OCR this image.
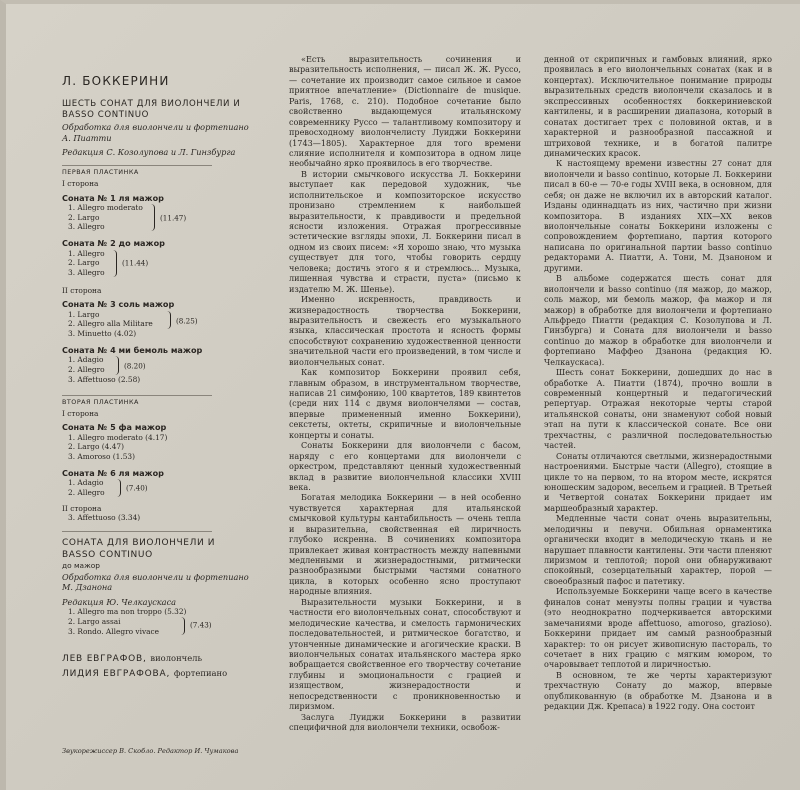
Л. БОККЕРИНИ
ШЕСТЬ СОНАТ ДЛЯ ВИОЛОНЧЕЛИ И
BASSO CONTINUO
Обработка для виолончели и фортепиано
А. Пиатти
Редакция С. Козолупова и Л. Гинзбурга
ПЕРВАЯ ПЛАСТИНКА
I сторона
Соната № 1 ля мажор
1. Allegro moderato
2. Largo
3. Allegro
(11.47)
Соната № 2 до мажор
1. Allegro
2. Largo
3. Allegro
(11.44)
II сторона
Соната № 3 соль мажор
1. Largo
2. Allegro alla Militare
3. Minuetto (4.02)
(8.25)
Соната № 4 ми бемоль мажор
1. Adagio
2. Allegro
3. Affettuoso (2.58)
(8.20)
ВТОРАЯ ПЛАСТИНКА
I сторона
Соната № 5 фа мажор
1. Allegro moderato (4.17)
2. Largo (4.47)
3. Amoroso (1.53)
Соната № 6 ля мажор
1. Adagio
2. Allegro
(7.40)
II сторона
3. Affettuoso (3.34)
СОНАТА ДЛЯ ВИОЛОНЧЕЛИ И
BASSO CONTINUO
до мажор
Обработка для виолончели и фортепиано
М. Дзанона
Редакция Ю. Челкаускаса
1. Allegro ma non troppo (5.32)
2. Largo assai
3. Rondo. Allegro vivace
(7.43)
ЛЕВ ЕВГРАФОВ, виолончель
ЛИДИЯ ЕВГРАФОВА, фортепиано
Звукорежиссер В. Скобло. Редактор И. Чумакова

«Есть выразительность сочинения и выразительность исполнения, — писал Ж. Ж. Руссо, — сочетание их производит самое сильное и самое приятное впечатление» (Dictionnaire de musique. Paris, 1768, с. 210). Подобное сочетание было свойственно выдающемуся итальянскому современнику Руссо — талантливому композитору и превосходному виолончелисту Луиджи Боккерини (1743—1805). Характерное для того времени слияние исполнителя и композитора в одном лице необычайно ярко проявилось в его творчестве.

В истории смычкового искусства Л. Боккерини выступает как передовой художник, чье исполнительское и композиторское искусство пронизано стремлением к наибольшей выразительности, к правдивости и предельной ясности изложения. Отражая прогрессивные эстетические взгляды эпохи, Л. Боккерини писал в одном из своих писем: «Я хорошо знаю, что музыка существует для того, чтобы говорить сердцу человека; достичь этого я и стремлюсь... Музыка, лишенная чувства и страсти, пуста» (письмо к издателю М. Ж. Шенье).

Именно искренность, правдивость и жизнерадостность творчества Боккерини, выразительность и свежесть его музыкального языка, классическая простота и ясность формы способствуют сохранению художественной ценности значительной части его произведений, в том числе и виолончельных сонат.

Как композитор Боккерини проявил себя, главным образом, в инструментальном творчестве, написав 21 симфонию, 100 квартетов, 189 квинтетов (среди них 114 с двумя виолончелями — состав, впервые примененный именно Боккерини), секстеты, октеты, скрипичные и виолончельные концерты и сонаты.

Сонаты Боккерини для виолончели с басом, наряду с его концертами для виолончели с оркестром, представляют ценный художественный вклад в развитие виолончельной классики XVIII века.

Богатая мелодика Боккерини — в ней особенно чувствуется характерная для итальянской смычковой культуры кантабильность — очень тепла и выразительна, свойственная ей лиричность глубоко искренна. В сочинениях композитора привлекает живая контрастность между напевными медленными и жизнерадостными, ритмически разнообразными быстрыми частями сонатного цикла, в которых особенно ясно проступают народные влияния.

Выразительности музыки Боккерини, и в частности его виолончельных сонат, способствуют и мелодические качества, и смелость гармонических последовательностей, и ритмическое богатство, и утонченные динамические и агогические краски. В виолончельных сонатах итальянского мастера ярко вобращается свойственное его творчеству сочетание глубины и эмоциональности с грацией и изяществом, жизнерадостности и непосредственности с проникновенностью и лиризмом.

Заслуга Луиджи Боккерини в развитии специфичной для виолончели техники, освобож-

денной от скрипичных и гамбовых влияний, ярко проявилась в его виолончельных сонатах (как и в концертах). Исключительное понимание природы выразительных средств виолончели сказалось и в экспрессивных особенностях боккериниевской кантилены, и в расширении диапазона, который в сонатах достигает трех с половиной октав, и в характерной и разнообразной пассажной и штриховой технике, и в богатой палитре динамических красок.

К настоящему времени известны 27 сонат для виолончели и basso continuo, которые Л. Боккерини писал в 60-е — 70-е годы XVIII века, в основном, для себя; он даже не включил их в авторский каталог. Изданы одиннадцать из них, частично при жизни композитора. В изданиях XIX—XX веков виолончельные сонаты Боккерини изложены с сопровождением фортепиано, партия которого написана по оригинальной партии basso continuo редакторами А. Пиатти, А. Тони, М. Дзаноном и другими.

В альбоме содержатся шесть сонат для виолончели и basso continuo (ля мажор, до мажор, соль мажор, ми бемоль мажор, фа мажор и ля мажор) в обработке для виолончели и фортепиано Альфредо Пиатти (редакция С. Козолупова и Л. Гинзбурга) и Соната для виолончели и basso continuo до мажор в обработке для виолончели и фортепиано Маффео Дзанона (редакция Ю. Челкаускаса).

Шесть сонат Боккерини, дошедших до нас в обработке А. Пиатти (1874), прочно вошли в современный концертный и педагогический репертуар. Отражая некоторые черты старой итальянской сонаты, они знаменуют собой новый этап на пути к классической сонате. Все они трехчастны, с различной последовательностью частей.

Сонаты отличаются светлыми, жизнерадостными настроениями. Быстрые части (Allegro), стоящие в цикле то на первом, то на втором месте, искрятся юношеским задором, весельем и грацией. В Третьей и Четвертой сонатах Боккерини придает им маршеобразный характер.

Медленные части сонат очень выразительны, мелодичны и певучи. Обильная орнаментика органически входит в мелодическую ткань и не нарушает плавности кантилены. Эти части пленяют лиризмом и теплотой; порой они обнаруживают спокойный, созерцательный характер, порой — своеобразный пафос и патетику.

Используемые Боккерини чаще всего в качестве финалов сонат менуэты полны грации и чувства (это неоднократно подчеркивается авторскими замечаниями вроде affettuoso, amoroso, grazioso). Боккерини придает им самый разнообразный характер: то он рисует живописную пастораль, то сочетает в них грацию с мягким юмором, то очаровывает теплотой и лиричностью.

В основном, те же черты характеризуют трехчастную Сонату до мажор, впервые опубликованную (в обработке М. Дзанона и в редакции Дж. Крепаса) в 1922 году. Она состоит
